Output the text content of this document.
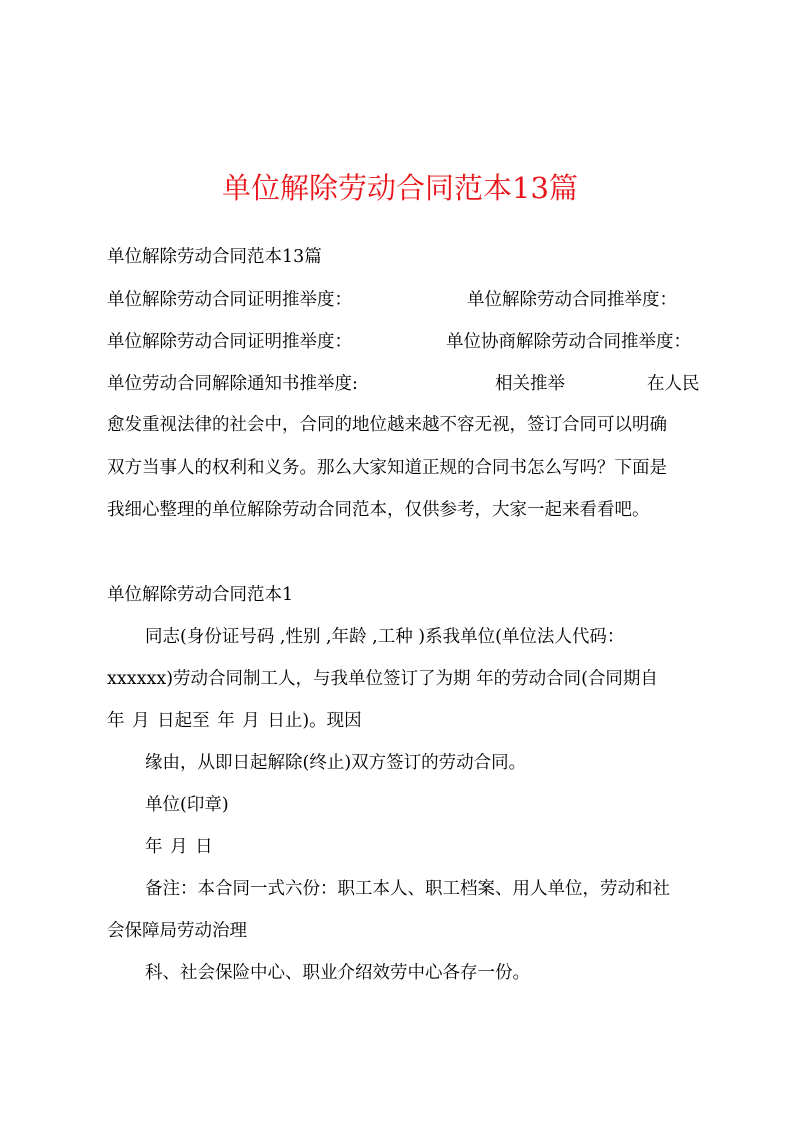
单位解除劳动合同范本13篇
单位解除劳动合同范本13篇
单位解除劳动合同证明推举度：	单位解除劳动合同推举度：
单位解除劳动合同证明推举度：	单位协商解除劳动合同推举度：
单位劳动合同解除通知书推举度:	相关推举	在人民
愈发重视法律的社会中，合同的地位越来越不容无视，签订合同可以明确
双方当事人的权利和义务。那么大家知道正规的合同书怎么写吗？下面是
我细心整理的单位解除劳动合同范本，仅供参考，大家一起来看看吧。
单位解除劳动合同范本1
同志(身份证号码 ,性别 ,年龄 ,工种 )系我单位(单位法人代码：
xxxxxx)劳动合同制工人，与我单位签订了为期 年的劳动合同(合同期自
年 月 日起至 年 月 日止)。现因
缘由，从即日起解除(终止)双方签订的劳动合同。
单位(印章)
年 月 日
备注：本合同一式六份：职工本人、职工档案、用人单位，劳动和社
会保障局劳动治理
科、社会保险中心、职业介绍效劳中心各存一份。
